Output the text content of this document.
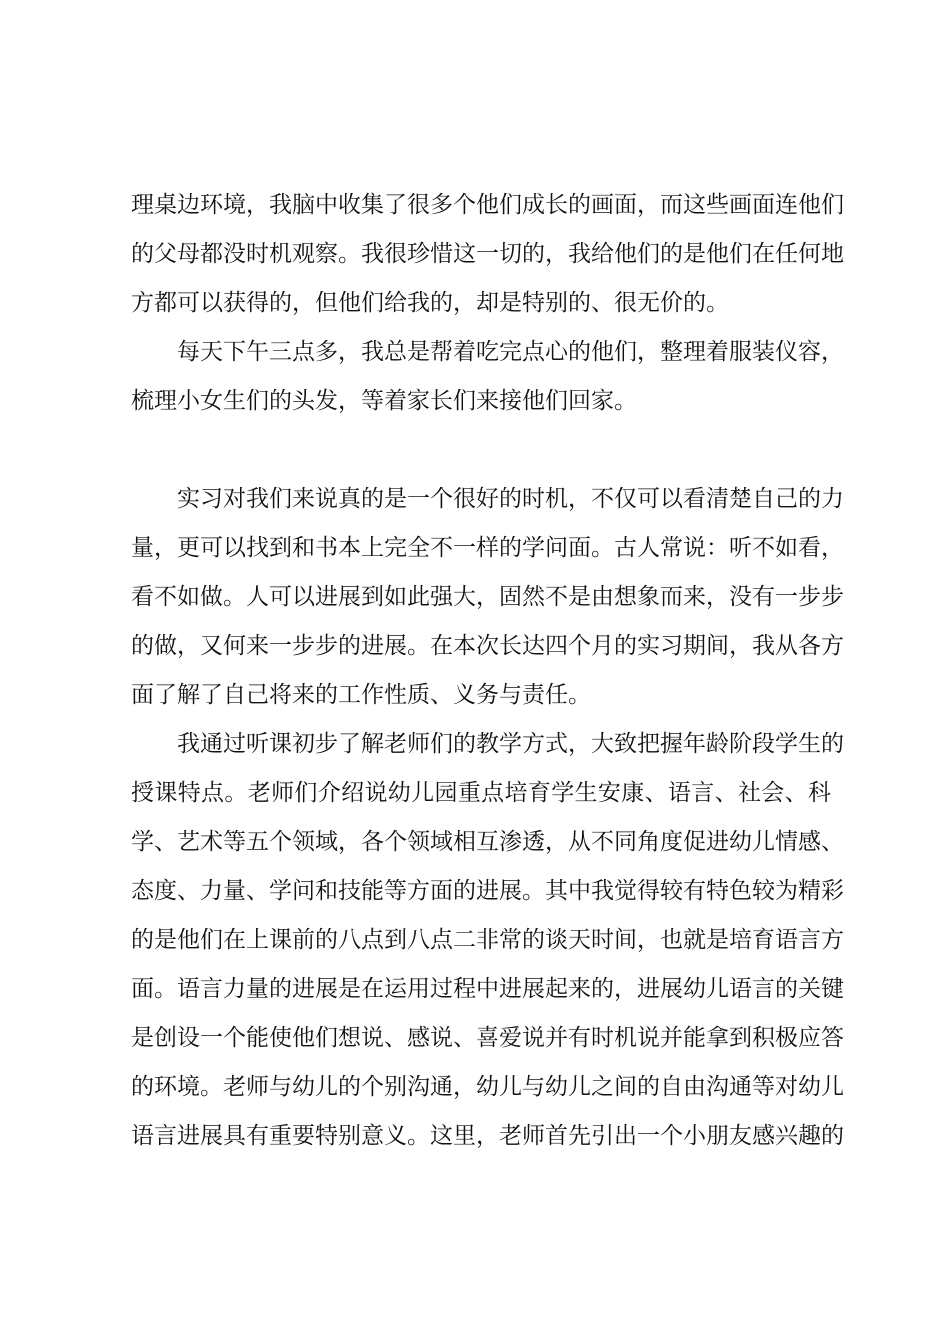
理桌边环境，我脑中收集了很多个他们成长的画面，而这些画面连他们
的父母都没时机观察。我很珍惜这一切的，我给他们的是他们在任何地
方都可以获得的，但他们给我的，却是特别的、很无价的。
每天下午三点多，我总是帮着吃完点心的他们，整理着服装仪容，
梳理小女生们的头发，等着家长们来接他们回家。
实习对我们来说真的是一个很好的时机，不仅可以看清楚自己的力
量，更可以找到和书本上完全不一样的学问面。古人常说：听不如看，
看不如做。人可以进展到如此强大，固然不是由想象而来，没有一步步
的做，又何来一步步的进展。在本次长达四个月的实习期间，我从各方
面了解了自己将来的工作性质、义务与责任。
我通过听课初步了解老师们的教学方式，大致把握年龄阶段学生的
授课特点。老师们介绍说幼儿园重点培育学生安康、语言、社会、科
学、艺术等五个领域，各个领域相互渗透，从不同角度促进幼儿情感、
态度、力量、学问和技能等方面的进展。其中我觉得较有特色较为精彩
的是他们在上课前的八点到八点二非常的谈天时间，也就是培育语言方
面。语言力量的进展是在运用过程中进展起来的，进展幼儿语言的关键
是创设一个能使他们想说、感说、喜爱说并有时机说并能拿到积极应答
的环境。老师与幼儿的个别沟通，幼儿与幼儿之间的自由沟通等对幼儿
语言进展具有重要特别意义。这里，老师首先引出一个小朋友感兴趣的
